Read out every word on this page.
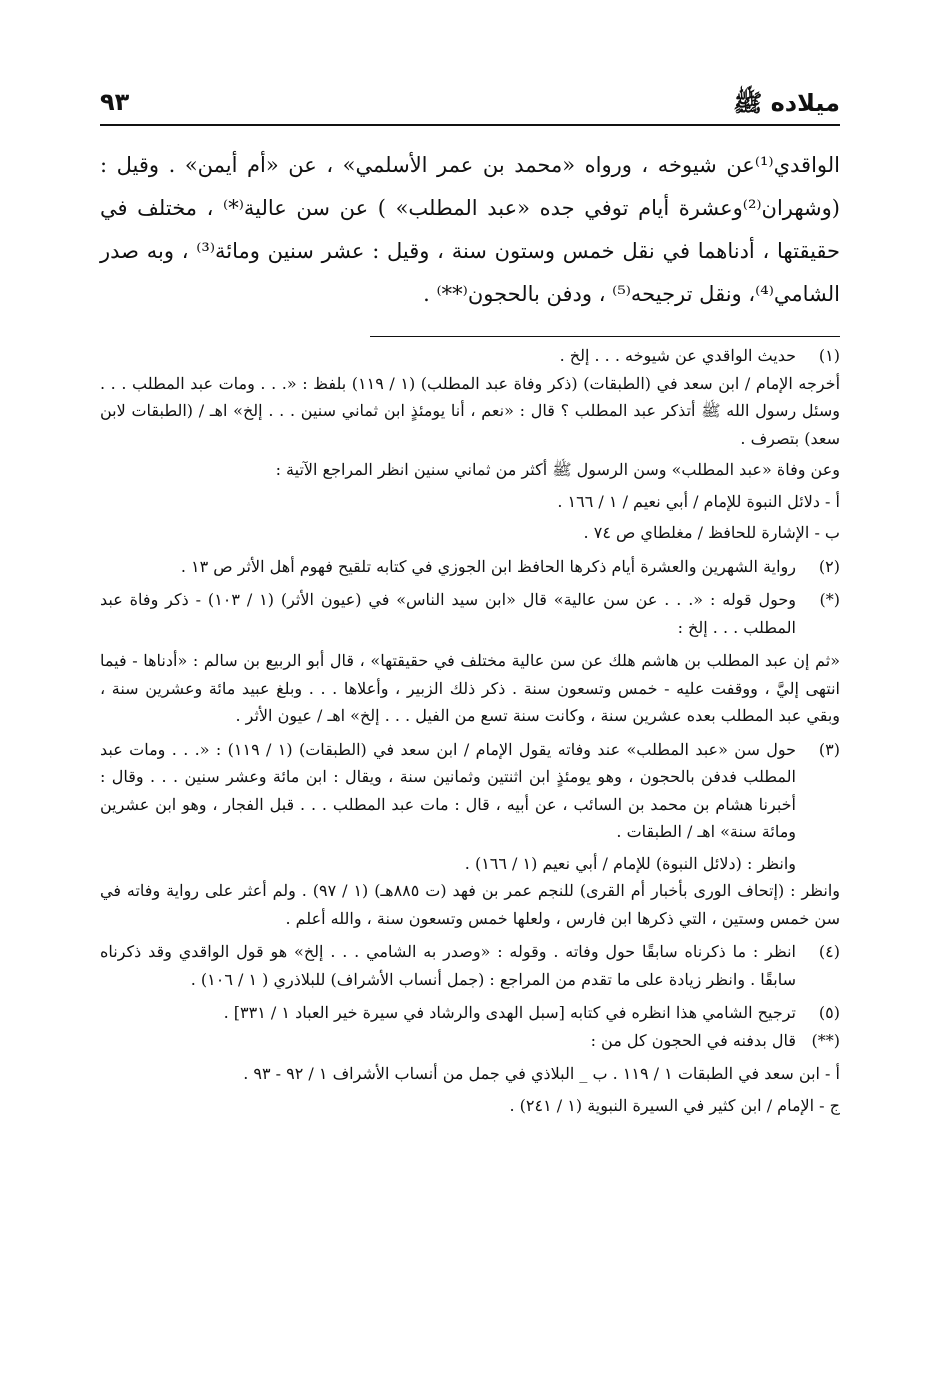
ميلاده ﷺ
٩٣

الواقدي⁽¹⁾عن شيوخه ، ورواه «محمد بن عمر الأسلمي» ، عن «أم أيمن» . وقيل : (وشهران⁽²⁾وعشرة أيام توفي جده «عبد المطلب» ) عن سن عالية⁽*⁾ ، مختلف في حقيقتها ، أدناهما في نقل خمس وستون سنة ، وقيل : عشر سنين ومائة⁽³⁾ ، وبه صدر الشامي⁽⁴⁾، ونقل ترجيحه⁽⁵⁾ ، ودفن بالحجون⁽**⁾ .

(١)

حديث الواقدي عن شيوخه . . . إلخ .

أخرجه الإمام / ابن سعد في (الطبقات) (ذكر وفاة عبد المطلب) (١ / ١١٩) بلفظ : «. . . ومات عبد المطلب . . . وسئل رسول الله ﷺ أتذكر عبد المطلب ؟ قال : «نعم ، أنا يومئذٍ ابن ثماني سنين . . . إلخ» اهـ / (الطبقات لابن سعد) بتصرف .

وعن وفاة «عبد المطلب» وسن الرسول ﷺ أكثر من ثماني سنين انظر المراجع الآتية :

أ - دلائل النبوة للإمام / أبي نعيم / ١ / ١٦٦ .

ب - الإشارة للحافظ / مغلطاي ص ٧٤ .

(٢)

رواية الشهرين والعشرة أيام ذكرها الحافظ ابن الجوزي في كتابه تلقيح فهوم أهل الأثر ص ١٣ .

(*)

وحول قوله : «. . . عن سن عالية» قال «ابن سيد الناس» في (عيون الأثر) (١ / ١٠٣) - ذكر وفاة عبد المطلب . . . إلخ :

«ثم إن عبد المطلب بن هاشم هلك عن سن عالية مختلف في حقيقتها» ، قال أبو الربيع بن سالم : «أدناها - فيما انتهى إليَّ ، ووقفت عليه - خمس وتسعون سنة . ذكر ذلك الزبير ، وأعلاها . . . وبلغ عبيد مائة وعشرين سنة ، وبقي عبد المطلب بعده عشرين سنة ، وكانت سنة تسع من الفيل . . . إلخ» اهـ / عيون الأثر .

(٣)

حول سن «عبد المطلب» عند وفاته يقول الإمام / ابن سعد في (الطبقات) (١ / ١١٩) : «. . . ومات عبد المطلب فدفن بالحجون ، وهو يومئذٍ ابن اثنتين وثمانين سنة ، ويقال : ابن مائة وعشر سنين . . . وقال : أخبرنا هشام بن محمد بن السائب ، عن أبيه ، قال : مات عبد المطلب . . . قبل الفجار ، وهو ابن عشرين ومائة سنة» اهـ / الطبقات .

وانظر : (دلائل النبوة) للإمام / أبي نعيم (١ / ١٦٦) .

وانظر : (إتحاف الورى بأخبار أم القرى) للنجم عمر بن فهد (ت ٨٨٥هـ) (١ / ٩٧) . ولم أعثر على رواية وفاته في سن خمس وستين ، التي ذكرها ابن فارس ، ولعلها خمس وتسعون سنة ، والله أعلم .

(٤)

انظر : ما ذكرناه سابقًا حول وفاته . وقوله : «وصدر به الشامي . . . إلخ» هو قول الواقدي وقد ذكرناه سابقًا . وانظر زيادة على ما تقدم من المراجع : (جمل أنساب الأشراف) للبلاذري ( ١ / ١٠٦) .

(٥)

ترجيح الشامي هذا انظره في كتابه [سبل الهدى والرشاد في سيرة خير العباد ١ / ٣٣١] .

(**)

قال بدفنه في الحجون كل من :

أ - ابن سعد في الطبقات ١ / ١١٩ . ب _ البلاذي في جمل من أنساب الأشراف ١ / ٩٢ - ٩٣ .

ج - الإمام / ابن كثير في السيرة النبوية (١ / ٢٤١) .
